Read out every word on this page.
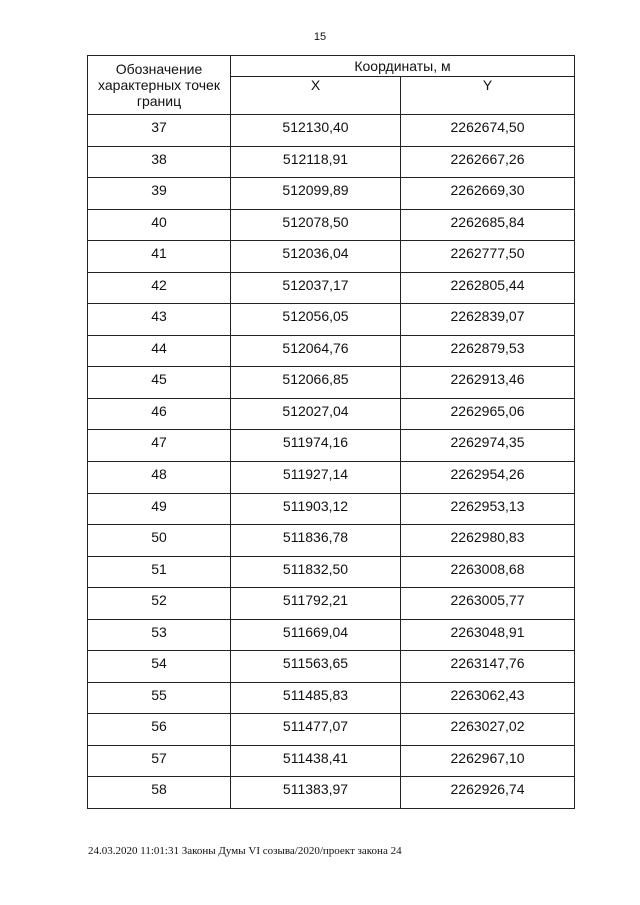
15
Обозначение характерных точек границ	Координаты, м	
	X	Y
37	512130,40	2262674,50
38	512118,91	2262667,26
39	512099,89	2262669,30
40	512078,50	2262685,84
41	512036,04	2262777,50
42	512037,17	2262805,44
43	512056,05	2262839,07
44	512064,76	2262879,53
45	512066,85	2262913,46
46	512027,04	2262965,06
47	511974,16	2262974,35
48	511927,14	2262954,26
49	511903,12	2262953,13
50	511836,78	2262980,83
51	511832,50	2263008,68
52	511792,21	2263005,77
53	511669,04	2263048,91
54	511563,65	2263147,76
55	511485,83	2263062,43
56	511477,07	2263027,02
57	511438,41	2262967,10
58	511383,97	2262926,74
24.03.2020 11:01:31 Законы Думы VI созыва/2020/проект закона 24
